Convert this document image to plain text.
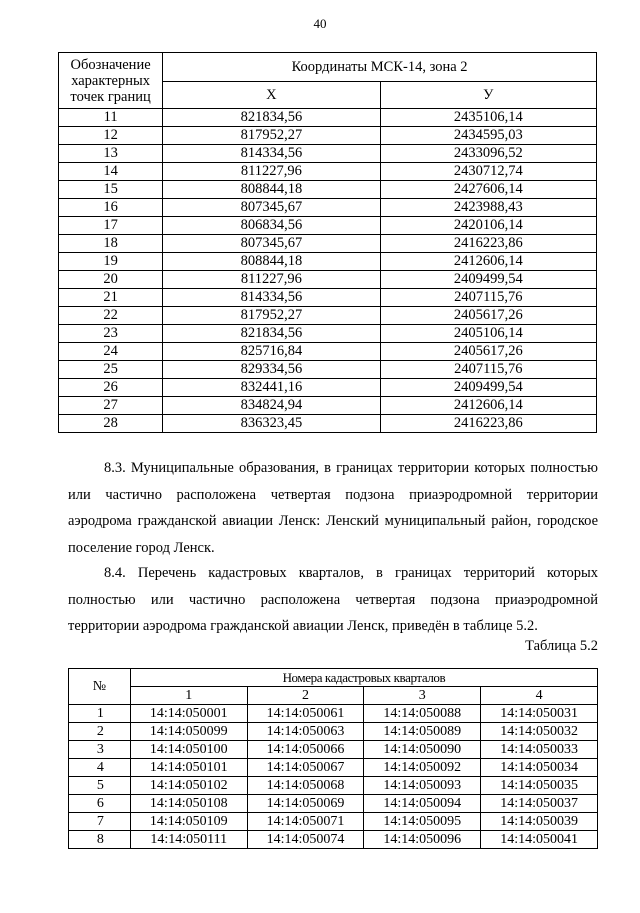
40
Обозначение характерных точек границ	Координаты МСК-14, зона 2	
	X	У
11	821834,56	2435106,14
12	817952,27	2434595,03
13	814334,56	2433096,52
14	811227,96	2430712,74
15	808844,18	2427606,14
16	807345,67	2423988,43
17	806834,56	2420106,14
18	807345,67	2416223,86
19	808844,18	2412606,14
20	811227,96	2409499,54
21	814334,56	2407115,76
22	817952,27	2405617,26
23	821834,56	2405106,14
24	825716,84	2405617,26
25	829334,56	2407115,76
26	832441,16	2409499,54
27	834824,94	2412606,14
28	836323,45	2416223,86
8.3. Муниципальные образования, в границах территории которых полностью или частично расположена четвертая подзона приаэродромной территории аэродрома гражданской авиации Ленск: Ленский муниципальный район, городское поселение город Ленск.
8.4. Перечень кадастровых кварталов, в границах территорий которых полностью или частично расположена четвертая подзона приаэродромной территории аэродрома гражданской авиации Ленск, приведён в таблице 5.2.
Таблица 5.2
№	Номера кадастровых кварталов			
	1	2	3	4
1	14:14:050001	14:14:050061	14:14:050088	14:14:050031
2	14:14:050099	14:14:050063	14:14:050089	14:14:050032
3	14:14:050100	14:14:050066	14:14:050090	14:14:050033
4	14:14:050101	14:14:050067	14:14:050092	14:14:050034
5	14:14:050102	14:14:050068	14:14:050093	14:14:050035
6	14:14:050108	14:14:050069	14:14:050094	14:14:050037
7	14:14:050109	14:14:050071	14:14:050095	14:14:050039
8	14:14:050111	14:14:050074	14:14:050096	14:14:050041
